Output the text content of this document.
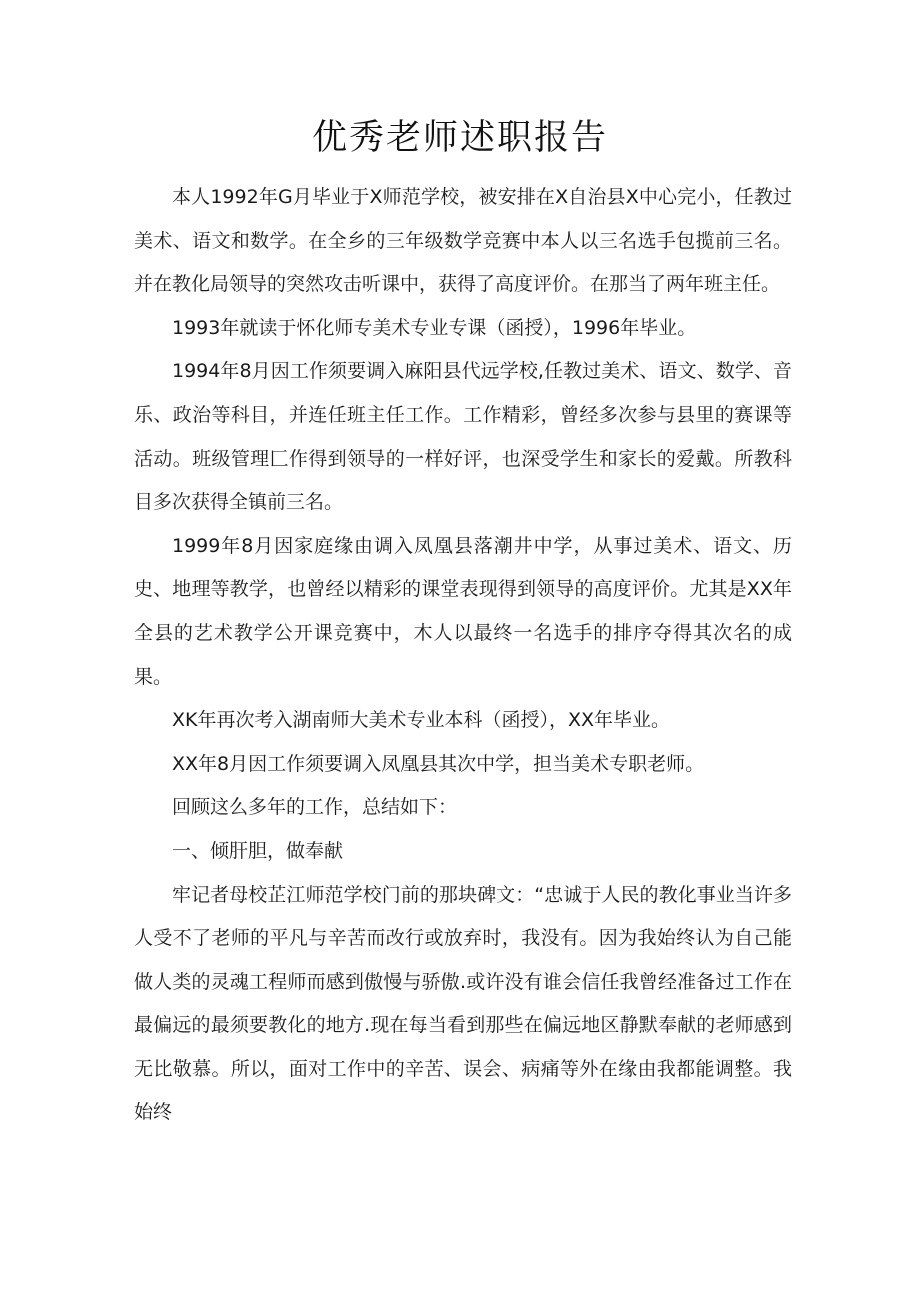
优秀老师述职报告

本人1992年G月毕业于X师范学校，被安排在X自治县X中心完小，任教过美术、语文和数学。在全乡的三年级数学竞赛中本人以三名选手包揽前三名。并在教化局领导的突然攻击听课中，获得了高度评价。在那当了两年班主任。

1993年就读于怀化师专美术专业专课（函授），1996年毕业。

1994年8月因工作须要调入麻阳县代远学校,任教过美术、语文、数学、音乐、政治等科目，并连任班主任工作。工作精彩，曾经多次参与县里的赛课等活动。班级管理匚作得到领导的一样好评，也深受学生和家长的爱戴。所教科目多次获得全镇前三名。

1999年8月因家庭缘由调入凤凰县落潮井中学，从事过美术、语文、历史、地理等教学，也曾经以精彩的课堂表现得到领导的高度评价。尤其是XX年全县的艺术教学公开课竞赛中，木人以最终一名选手的排序夺得其次名的成果。

XK年再次考入湖南师大美术专业本科（函授），XX年毕业。

XX年8月因工作须要调入凤凰县其次中学，担当美术专职老师。

回顾这么多年的工作，总结如下：

一、倾肝胆，做奉献

牢记者母校芷江师范学校门前的那块碑文：“忠诚于人民的教化事业当许多人受不了老师的平凡与辛苦而改行或放弃时，我没有。因为我始终认为自己能做人类的灵魂工程师而感到傲慢与骄傲.或许没有谁会信任我曾经准备过工作在最偏远的最须要教化的地方.现在每当看到那些在偏远地区静默奉献的老师感到无比敬慕。所以，面对工作中的辛苦、误会、病痛等外在缘由我都能调整。我始终
